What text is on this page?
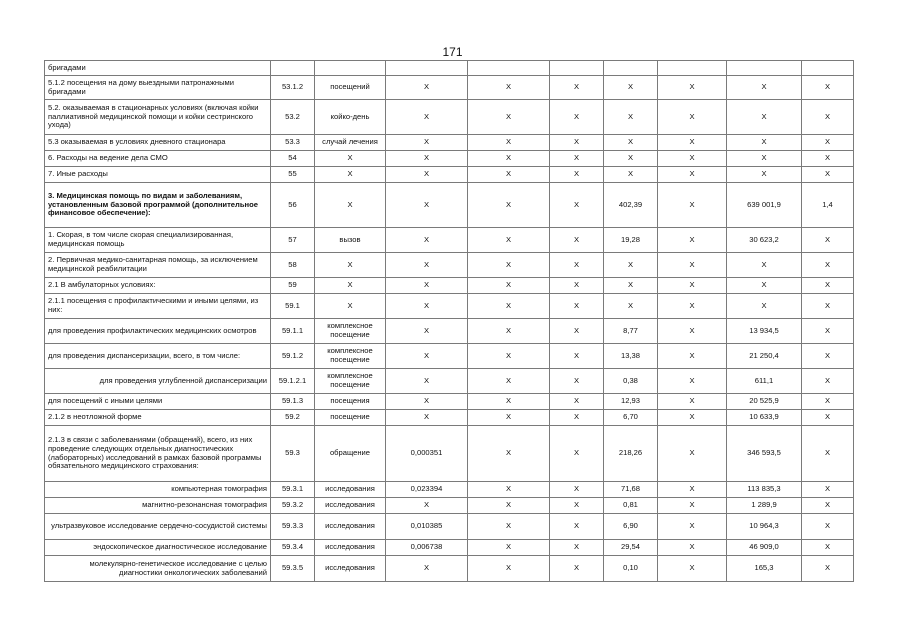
171
бригадами									
5.1.2 посещения на дому выездными патронажными бригадами	53.1.2	посещений	X	X	X	X	X	X	X
5.2. оказываемая в стационарных условиях (включая койки паллиативной медицинской помощи и койки сестринского ухода)	53.2	койко-день	X	X	X	X	X	X	X
5.3 оказываемая в условиях дневного стационара	53.3	случай лечения	X	X	X	X	X	X	X
6. Расходы на ведение дела СМО	54	X	X	X	X	X	X	X	X
7. Иные расходы	55	X	X	X	X	X	X	X	X
3. Медицинская помощь по видам и заболеваниям, установленным базовой программой (дополнительное финансовое обеспечение):	56	X	X	X	X	402,39	X	639 001,9	1,4
1. Скорая, в том числе скорая специализированная, медицинская помощь	57	вызов	X	X	X	19,28	X	30 623,2	X
2. Первичная медико-санитарная помощь, за исключением медицинской реабилитации	58	X	X	X	X	X	X	X	X
2.1 В амбулаторных условиях:	59	X	X	X	X	X	X	X	X
2.1.1 посещения с профилактическими и иными целями, из них:	59.1	X	X	X	X	X	X	X	X
для проведения профилактических медицинских осмотров	59.1.1	комплексное посещение	X	X	X	8,77	X	13 934,5	X
для проведения диспансеризации, всего, в том числе:	59.1.2	комплексное посещение	X	X	X	13,38	X	21 250,4	X
для проведения углубленной диспансеризации	59.1.2.1	комплексное посещение	X	X	X	0,38	X	611,1	X
для посещений с иными целями	59.1.3	посещения	X	X	X	12,93	X	20 525,9	X
2.1.2 в неотложной форме	59.2	посещение	X	X	X	6,70	X	10 633,9	X
2.1.3 в связи с заболеваниями (обращений), всего, из них проведение следующих отдельных диагностических (лабораторных) исследований в рамках базовой программы обязательного медицинского страхования:	59.3	обращение	0,000351	X	X	218,26	X	346 593,5	X
компьютерная томография	59.3.1	исследования	0,023394	X	X	71,68	X	113 835,3	X
магнитно-резонансная томография	59.3.2	исследования	X	X	X	0,81	X	1 289,9	X
ультразвуковое исследование сердечно-сосудистой системы	59.3.3	исследования	0,010385	X	X	6,90	X	10 964,3	X
эндоскопическое диагностическое исследование	59.3.4	исследования	0,006738	X	X	29,54	X	46 909,0	X
молекулярно-генетическое исследование с целью диагностики онкологических заболеваний	59.3.5	исследования	X	X	X	0,10	X	165,3	X
